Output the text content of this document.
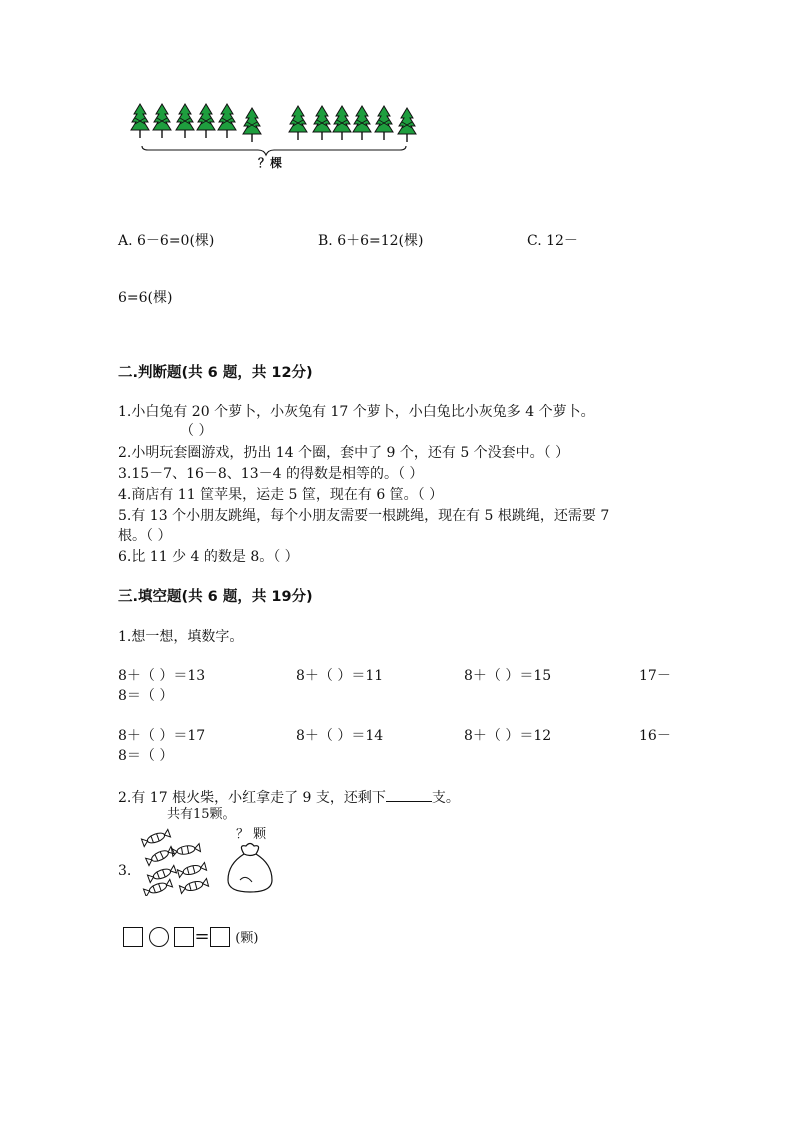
？棵
A. 6－6=0(棵)	B. 6＋6=12(棵)	C. 12－
6=6(棵)
二.判断题(共 6 题，共 12分)
1.小白兔有 20 个萝卜，小灰兔有 17 个萝卜，小白兔比小灰兔多 4 个萝卜。
（ ）
2.小明玩套圈游戏，扔出 14 个圈，套中了 9 个，还有 5 个没套中。（ ）
3.15－7、16－8、13－4 的得数是相等的。（ ）
4.商店有 11 筐苹果，运走 5 筐，现在有 6 筐。（ ）
5.有 13 个小朋友跳绳，每个小朋友需要一根跳绳，现在有 5 根跳绳，还需要 7
根。（ ）
6.比 11 少 4 的数是 8。（ ）
三.填空题(共 6 题，共 19分)
1.想一想，填数字。
8＋（ ）＝13	8＋（ ）＝11	8＋（ ）＝15	17－
8＝（ ）
8＋（ ）＝17	8＋（ ）＝14	8＋（ ）＝12	16－
8＝（ ）
2.有 17 根火柴，小红拿走了 9 支，还剩下	支。
共有15颗。
？ 颗
3.
= (颗)
